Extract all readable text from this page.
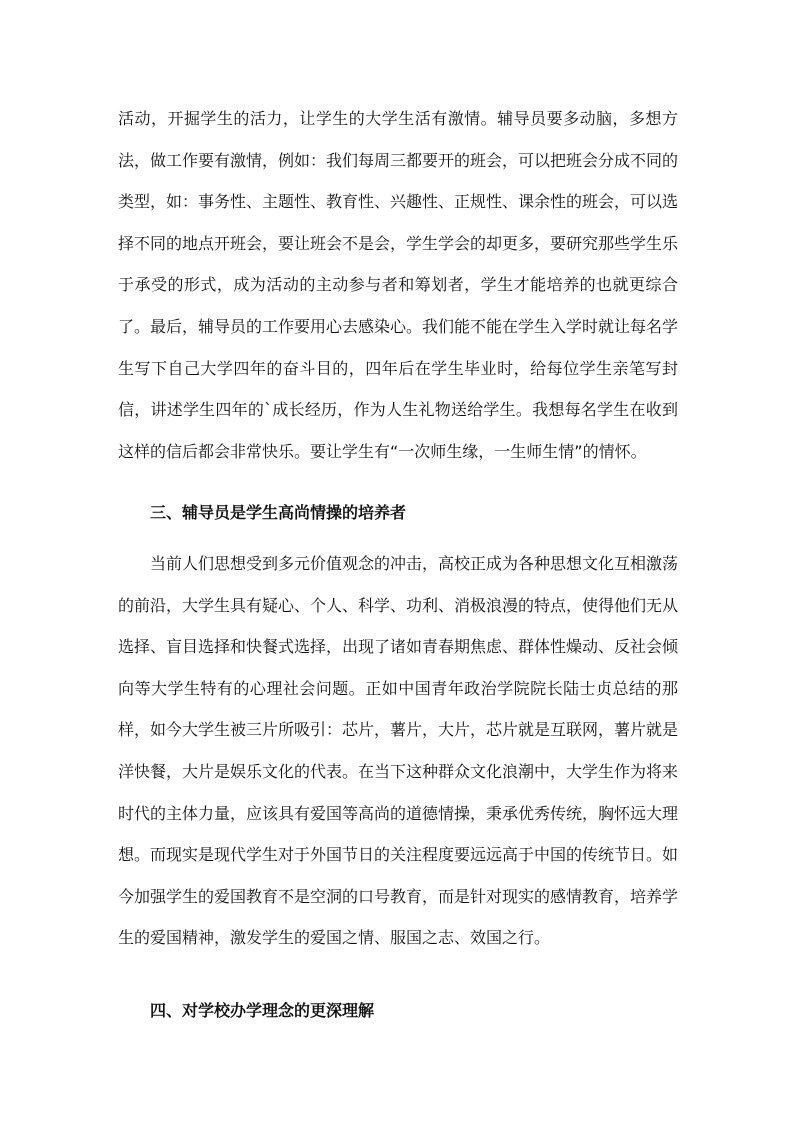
活动，开掘学生的活力，让学生的大学生活有激情。辅导员要多动脑，多想方法，做工作要有激情，例如：我们每周三都要开的班会，可以把班会分成不同的类型，如：事务性、主题性、教育性、兴趣性、正规性、课余性的班会，可以选择不同的地点开班会，要让班会不是会，学生学会的却更多，要研究那些学生乐于承受的形式，成为活动的主动参与者和筹划者，学生才能培养的也就更综合了。最后，辅导员的工作要用心去感染心。我们能不能在学生入学时就让每名学生写下自己大学四年的奋斗目的，四年后在学生毕业时，给每位学生亲笔写封信，讲述学生四年的`成长经历，作为人生礼物送给学生。我想每名学生在收到这样的信后都会非常快乐。要让学生有“一次师生缘，一生师生情”的情怀。

三、辅导员是学生高尚情操的培养者

当前人们思想受到多元价值观念的冲击，高校正成为各种思想文化互相激荡的前沿，大学生具有疑心、个人、科学、功利、消极浪漫的特点，使得他们无从选择、盲目选择和快餐式选择，出现了诸如青春期焦虑、群体性燥动、反社会倾向等大学生特有的心理社会问题。正如中国青年政治学院院长陆士贞总结的那样，如今大学生被三片所吸引：芯片，薯片，大片，芯片就是互联网，薯片就是洋快餐，大片是娱乐文化的代表。在当下这种群众文化浪潮中，大学生作为将来时代的主体力量，应该具有爱国等高尚的道德情操，秉承优秀传统，胸怀远大理想。而现实是现代学生对于外国节日的关注程度要远远高于中国的传统节日。如今加强学生的爱国教育不是空洞的口号教育，而是针对现实的感情教育，培养学生的爱国精神，激发学生的爱国之情、服国之志、效国之行。

四、对学校办学理念的更深理解
